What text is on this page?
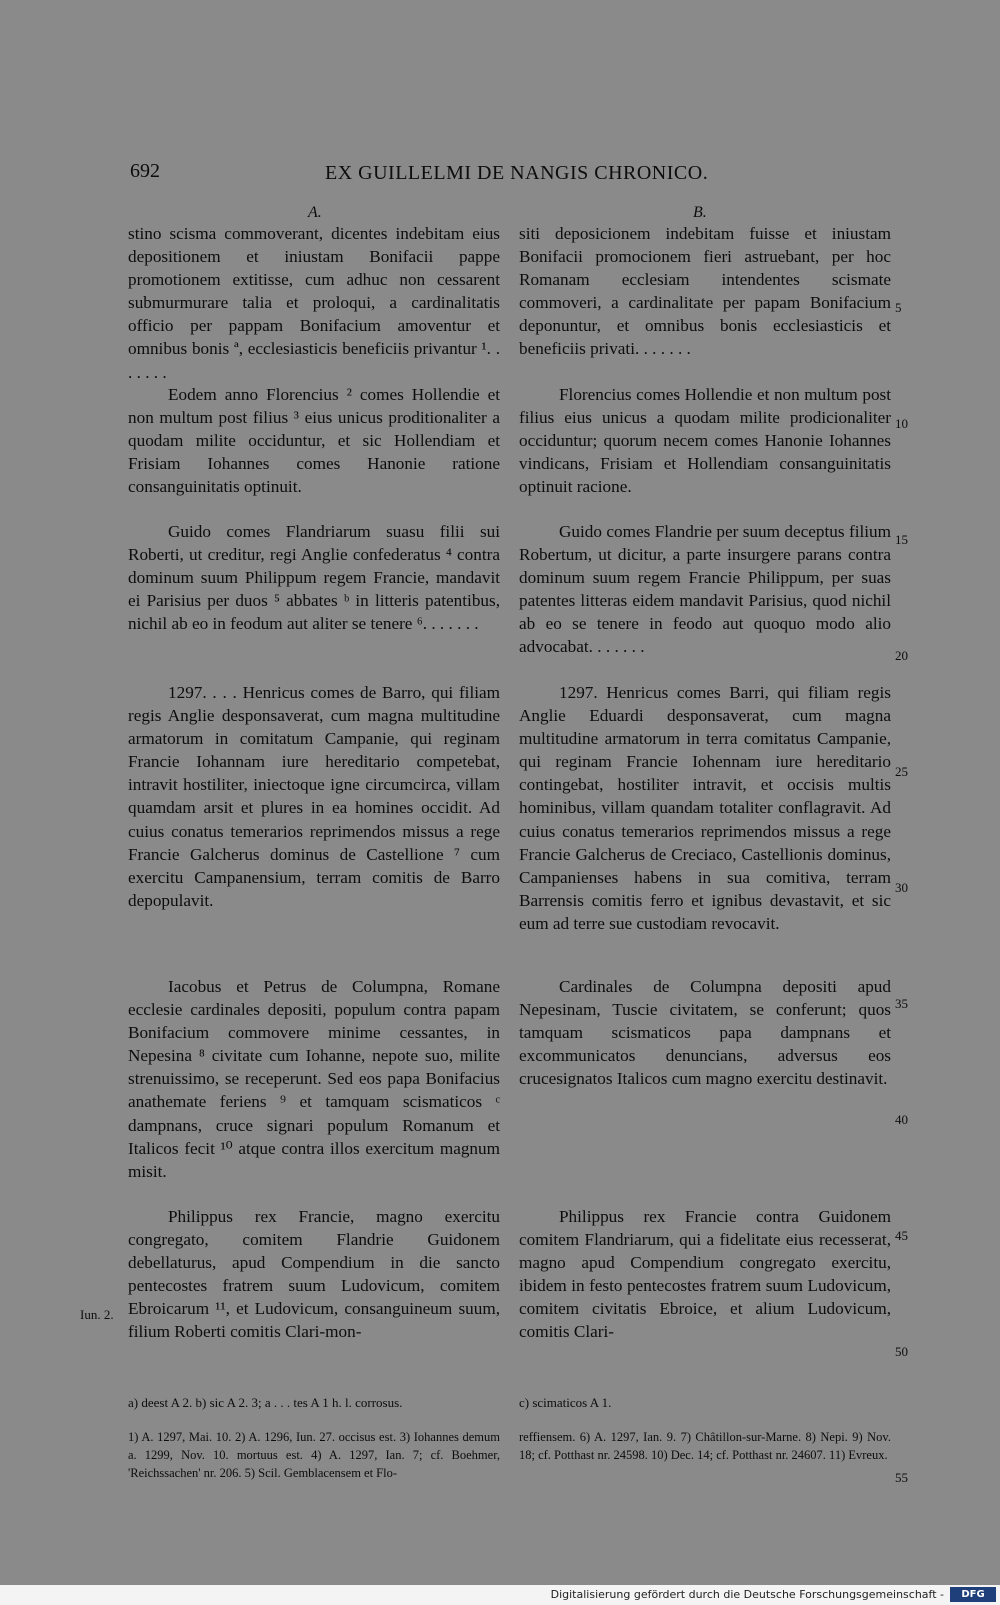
692	EX GUILLELMI DE NANGIS CHRONICO.
A.	B.

stino scisma commoverant, dicentes indebitam eius depositionem et iniustam Bonifacii pappe promotionem extitisse, cum adhuc non cessarent submurmurare talia et proloqui, a cardinalitatis officio per pappam Bonifacium amoventur et omnibus bonis ª, ecclesiasticis beneficiis privantur ¹. . . . . . .

Eodem anno Florencius ² comes Hollendie et non multum post filius ³ eius unicus proditionaliter a quodam milite occiduntur, et sic Hollendiam et Frisiam Iohannes comes Hanonie ratione consanguinitatis optinuit.

Guido comes Flandriarum suasu filii sui Roberti, ut creditur, regi Anglie confederatus ⁴ contra dominum suum Philippum regem Francie, mandavit ei Parisius per duos ⁵ abbates ᵇ in litteris patentibus, nichil ab eo in feodum aut aliter se tenere ⁶. . . . . . .

1297. . . . Henricus comes de Barro, qui filiam regis Anglie desponsaverat, cum magna multitudine armatorum in comitatum Campanie, qui reginam Francie Iohannam iure hereditario competebat, intravit hostiliter, iniectoque igne circumcirca, villam quamdam arsit et plures in ea homines occidit. Ad cuius conatus temerarios reprimendos missus a rege Francie Galcherus dominus de Castellione ⁷ cum exercitu Campanensium, terram comitis de Barro depopulavit.

Iacobus et Petrus de Columpna, Romane ecclesie cardinales depositi, populum contra papam Bonifacium commovere minime cessantes, in Nepesina ⁸ civitate cum Iohanne, nepote suo, milite strenuissimo, se receperunt. Sed eos papa Bonifacius anathemate feriens ⁹ et tamquam scismaticos ᶜ dampnans, cruce signari populum Romanum et Italicos fecit ¹⁰ atque contra illos exercitum magnum misit.

Philippus rex Francie, magno exercitu congregato, comitem Flandrie Guidonem debellaturus, apud Compendium in die sancto pentecostes fratrem suum Ludovicum, comitem Ebroicarum ¹¹, et Ludovicum, consanguineum suum, filium Roberti comitis Clari-mon-

siti deposicionem indebitam fuisse et iniustam Bonifacii promocionem fieri astruebant, per hoc Romanam ecclesiam intendentes scismate commoveri, a cardinalitate per papam Bonifacium deponuntur, et omnibus bonis ecclesiasticis et beneficiis privati. . . . . . .

Florencius comes Hollendie et non multum post filius eius unicus a quodam milite prodicionaliter occiduntur; quorum necem comes Hanonie Iohannes vindicans, Frisiam et Hollendiam consanguinitatis optinuit racione.

Guido comes Flandrie per suum deceptus filium Robertum, ut dicitur, a parte insurgere parans contra dominum suum regem Francie Philippum, per suas patentes litteras eidem mandavit Parisius, quod nichil ab eo se tenere in feodo aut quoquo modo alio advocabat. . . . . . .

1297. Henricus comes Barri, qui filiam regis Anglie Eduardi desponsaverat, cum magna multitudine armatorum in terra comitatus Campanie, qui reginam Francie Iohennam iure hereditario contingebat, hostiliter intravit, et occisis multis hominibus, villam quandam totaliter conflagravit. Ad cuius conatus temerarios reprimendos missus a rege Francie Galcherus de Creciaco, Castellionis dominus, Campanienses habens in sua comitiva, terram Barrensis comitis ferro et ignibus devastavit, et sic eum ad terre sue custodiam revocavit.

Cardinales de Columpna depositi apud Nepesinam, Tuscie civitatem, se conferunt; quos tamquam scismaticos papa dampnans et excommunicatos denuncians, adversus eos crucesignatos Italicos cum magno exercitu destinavit.

Philippus rex Francie contra Guidonem comitem Flandriarum, qui a fidelitate eius recesserat, magno apud Compendium congregato exercitu, ibidem in festo pentecostes fratrem suum Ludovicum, comitem civitatis Ebroice, et alium Ludovicum, comitis Clari-

5
10
15
20
25
30
35
40
45
50
55
Iun. 2.
a) deest A 2. b) sic A 2. 3; a . . . tes A 1 h. l. corrosus.	c) scimaticos A 1.
1) A. 1297, Mai. 10. 2) A. 1296, Iun. 27. occisus est. 3) Iohannes demum a. 1299, Nov. 10. mortuus est. 4) A. 1297, Ian. 7; cf. Boehmer, 'Reichssachen' nr. 206. 5) Scil. Gemblacensem et Flo-
reffiensem. 6) A. 1297, Ian. 9. 7) Châtillon-sur-Marne. 8) Nepi. 9) Nov. 18; cf. Potthast nr. 24598. 10) Dec. 14; cf. Potthast nr. 24607. 11) Evreux.
Digitalisierung gefördert durch die Deutsche Forschungsgemeinschaft -	DFG
